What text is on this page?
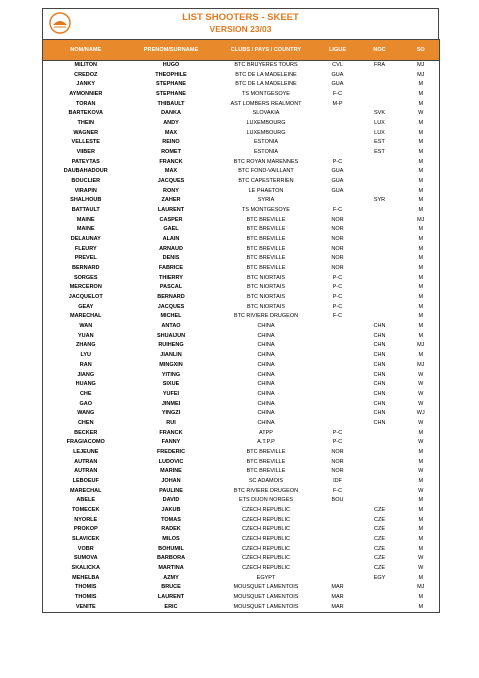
LIST SHOOTERS - SKEET
VERSION 23/03
NOM/NAME	PRENOM/SURNAME	CLUBS / PAYS / COUNTRY	LIGUE	NOC	SO
MILITON	HUGO	BTC BRUYERES TOURS	CVL	FRA	MJ
CREDOZ	THEOPHILE	BTC DE LA MADELEINE	GUA		MJ
JANKY	STEPHANE	BTC DE LA MADELEINE	GUA		M
AYMONNIER	STEPHANE	TS MONTGESOYE	F-C		M
TORAN	THIBAULT	AST LOMBERS REALMONT	M-P		M
BARTEKOVA	DANKA	SLOVAKIA		SVK	W
THEIN	ANDY	LUXEMBOURG		LUX	M
WAGNER	MAX	LUXEMBOURG		LUX	M
VELLESTE	REINO	ESTONIA		EST	M
VIIBER	ROMET	ESTONIA		EST	M
PATEYTAS	FRANCK	BTC ROYAN MARENNES	P-C		M
DAUBAHADOUR	MAX	BTC FOND-VAILLANT	GUA		M
BOUCLIER	JACQUES	BTC CAPESTERRIEN	GUA		M
VIRAPIN	RONY	LE PHAETON	GUA		M
SHALHOUB	ZAHER	SYRIA		SYR	M
BATTAULT	LAURENT	TS MONTGESOYE	F-C		M
MAINE	CASPER	BTC BREVILLE	NOR		MJ
MAINE	GAEL	BTC BREVILLE	NOR		M
DELAUNAY	ALAIN	BTC BREVILLE	NOR		M
FLEURY	ARNAUD	BTC BREVILLE	NOR		M
PREVEL	DENIS	BTC BREVILLE	NOR		M
BERNARD	FABRICE	BTC BREVILLE	NOR		M
SORGES	THIERRY	BTC NIORTAIS	P-C		M
MERCERON	PASCAL	BTC NIORTAIS	P-C		M
JACQUELOT	BERNARD	BTC NIORTAIS	P-C		M
GEAY	JACQUES	BTC NIORTAIS	P-C		M
MARECHAL	MICHEL	BTC RIVIERE DRUGEON	F-C		M
WAN	ANTAO	CHINA		CHN	M
YUAN	SHUAIJUN	CHINA		CHN	M
ZHANG	RUIHENG	CHINA		CHN	MJ
LYU	JIANLIN	CHINA		CHN	M
RAN	MINGXIN	CHINA		CHN	MJ
JIANG	YITING	CHINA		CHN	W
HUANG	SIXUE	CHINA		CHN	W
CHE	YUFEI	CHINA		CHN	W
GAO	JINMEI	CHINA		CHN	W
WANG	YINGZI	CHINA		CHN	WJ
CHEN	RUI	CHINA		CHN	W
BECKER	FRANCK	ATPP	P-C		M
FRAGIACOMO	FANNY	A.T.P.P	P-C		W
LEJEUNE	FREDERIC	BTC BREVILLE	NOR		M
AUTRAN	LUDOVIC	BTC BREVILLE	NOR		M
AUTRAN	MARINE	BTC BREVILLE	NOR		W
LEBOEUF	JOHAN	SC ADAMOIS	IDF		M
MARECHAL	PAULINE	BTC RIVIERE DRUGEON	F-C		W
ABELE	DAVID	ETS DIJON NORGES	BOU		M
TOMECEK	JAKUB	CZECH REPUBLIC		CZE	M
NYORLE	TOMAS	CZECH REPUBLIC		CZE	M
PROKOP	RADEK	CZECH REPUBLIC		CZE	M
SLAVICEK	MILOS	CZECH REPUBLIC		CZE	M
VOBR	BOHUMIL	CZECH REPUBLIC		CZE	M
SUMOVA	BARBORA	CZECH REPUBLIC		CZE	W
SKALICKA	MARTINA	CZECH REPUBLIC		CZE	W
MEHELBA	AZMY	EGYPT		EGY	M
THOMIS	BRUCE	MOUSQUET LAMENTOIS	MAR		MJ
THOMIS	LAURENT	MOUSQUET LAMENTOIS	MAR		M
VENITE	ERIC	MOUSQUET LAMENTOIS	MAR		M
